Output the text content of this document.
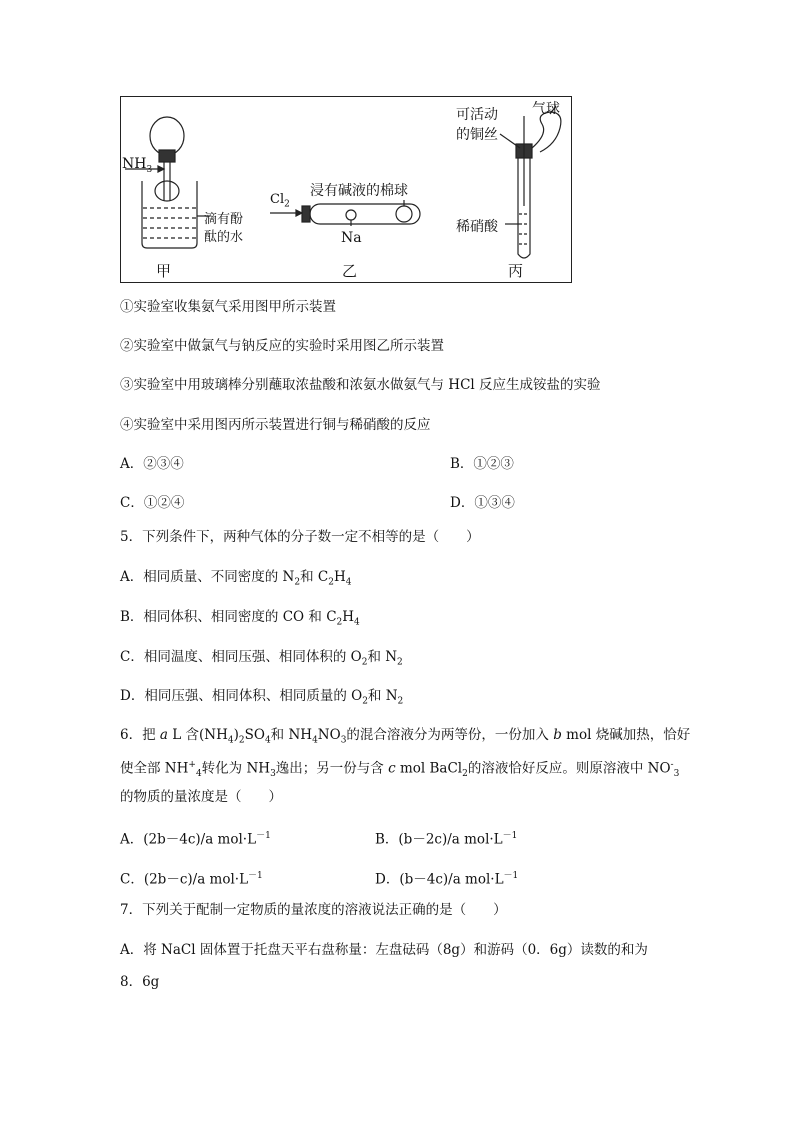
$NH_3$
滴有酚
酞的水
$Cl_2$
浸有碱液的棉球
Na
可活动
的铜丝
气球
稀硝酸
甲	乙	丙
①实验室收集氨气采用图甲所示装置
②实验室中做氯气与钠反应的实验时采用图乙所示装置
③实验室中用玻璃棒分别蘸取浓盐酸和浓氨水做氨气与 HCl 反应生成铵盐的实验
④实验室中采用图丙所示装置进行铜与稀硝酸的反应
A．②③④	B．①②③
C．①②④	D．①③④
5．下列条件下，两种气体的分子数一定不相等的是（　　）
A．相同质量、不同密度的 $N_2$和 $C_2H_4$
B．相同体积、相同密度的 CO 和 $C_2H_4$
C．相同温度、相同压强、相同体积的 $O_2$和 $N_2$
D．相同压强、相同体积、相同质量的 $O_2$和 $N_2$
6．把 a L 含$(NH_4)_2SO_4$和 $NH_4NO_3$的混合溶液分为两等份，一份加入 b mol 烧碱加热，恰好
使全部 $NH^+_4$转化为 $NH_3$逸出；另一份与含 c mol BaCl$_2$的溶液恰好反应。则原溶液中 $NO^-_3$
的物质的量浓度是（　　）
A．(2b－4c)/a $mol\cdot L^{-1}$	B．(b－2c)/a $mol\cdot L^{-1}$
C．(2b－c)/a $mol\cdot L^{-1}$	D．(b－4c)/a $mol\cdot L^{-1}$
7．下列关于配制一定物质的量浓度的溶液说法正确的是（　　）
A．将 NaCl 固体置于托盘天平右盘称量：左盘砝码（8g）和游码（0．6g）读数的和为
8．6g
